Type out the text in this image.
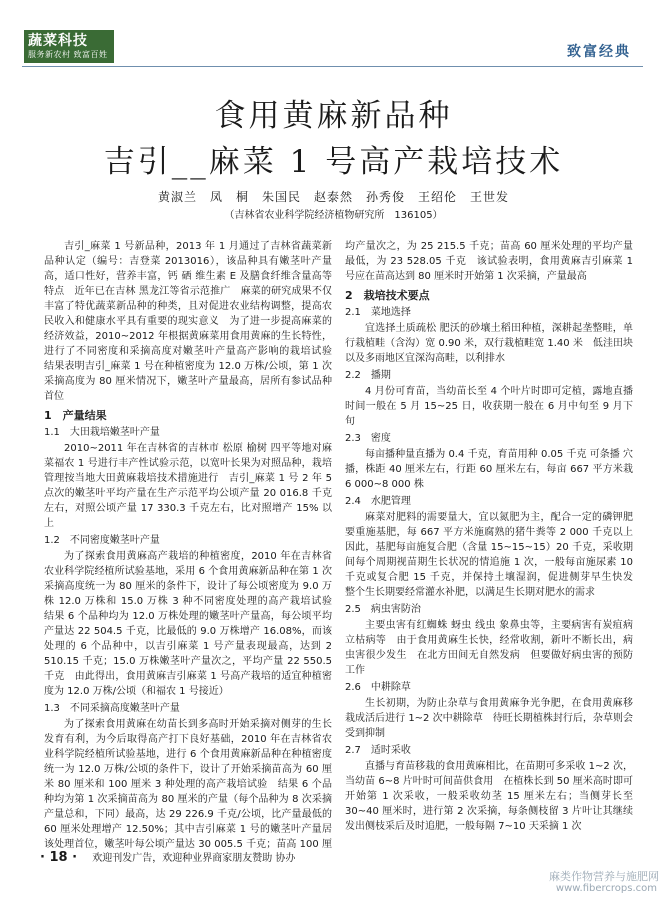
蔬菜科技
服务新农村 致富百姓	致富经典
食用黄麻新品种
吉引__麻菜 1 号高产栽培技术
黄淑兰　凤　桐　朱国民　赵泰然　孙秀俊　王绍伦　王世发
（吉林省农业科学院经济植物研究所　136105）

吉引_麻菜 1 号新品种，2013 年 1 月通过了吉林省蔬菜新品种认定（编号：吉登菜 2013016），该品种具有嫩茎叶产量高，适口性好，营养丰富，钙 硒 维生素 E 及膳食纤维含量高等特点　近年已在吉林 黑龙江等省示范推广　麻菜的研究成果不仅丰富了特优蔬菜新品种的种类，且对促进农业结构调整，提高农民收入和健康水平具有重要的现实意义　为了进一步提高麻菜的经济效益，2010~2012 年根据黄麻菜用食用黄麻的生长特性，进行了不同密度和采摘高度对嫩茎叶产量高产影响的栽培试验　结果表明吉引_麻菜 1 号在种植密度为 12.0 万株/公顷，第 1 次采摘高度为 80 厘米情况下，嫩茎叶产量最高，居所有参试品种首位

1　产量结果
1.1　大田栽培嫩茎叶产量

2010~2011 年在吉林省的吉林市 松原 榆树 四平等地对麻菜福农 1 号进行丰产性试验示范，以宽叶长果为对照品种，栽培管理按当地大田黄麻栽培技术措施进行　吉引_麻菜 1 号 2 年 5 点次的嫩茎叶平均产量在生产示范平均公顷产量 20 016.8 千克左右，对照公顷产量 17 330.3 千克左右，比对照增产 15% 以上

1.2　不同密度嫩茎叶产量

为了探索食用黄麻高产栽培的种植密度，2010 年在吉林省农业科学院经植所试验基地，采用 6 个食用黄麻新品种在第 1 次采摘高度统一为 80 厘米的条件下，设计了每公顷密度为 9.0 万株 12.0 万株和 15.0 万株 3 种不同密度处理的高产栽培试验　结果 6 个品种均为 12.0 万株处理的嫩茎叶产量高，每公顷平均产量达 22 504.5 千克，比最低的 9.0 万株增产 16.08%，而该处理的 6 个品种中，以吉引麻菜 1 号产量表现最高，达到 2 510.15 千克；15.0 万株嫩茎叶产量次之，平均产量 22 550.5 千克　由此得出，食用黄麻吉引麻菜 1 号高产栽培的适宜种植密度为 12.0 万株/公顷（和福农 1 号接近）

1.3　不同采摘高度嫩茎叶产量

为了探索食用黄麻在幼苗长到多高时开始采摘对侧芽的生长发育有利，为今后取得高产打下良好基础，2010 年在吉林省农业科学院经植所试验基地，进行 6 个食用黄麻新品种在种植密度统一为 12.0 万株/公顷的条件下，设计了开始采摘苗高为 60 厘米 80 厘米和 100 厘米 3 种处理的高产栽培试验　结果 6 个品种均为第 1 次采摘苗高为 80 厘米的产量（每个品种为 8 次采摘产量总和，下同）最高，达 29 226.9 千克/公顷，比产量最低的 60 厘米处理增产 12.50%；其中吉引麻菜 1 号的嫩茎叶产量居该处理首位，嫩茎叶每公顷产量达 30 005.5 千克；苗高 100 厘

均产量次之，为 25 215.5 千克；苗高 60 厘米处理的平均产量最低，为 23 528.05 千克　该试验表明，食用黄麻吉引麻菜 1 号应在苗高达到 80 厘米时开始第 1 次采摘，产量最高

2　栽培技术要点
2.1　菜地选择

宜选择土质疏松 肥沃的砂壤土稻田种植，深耕起垄整畦，单行栽植畦（含沟）宽 0.90 米，双行栽植畦宽 1.40 米　低洼田块以及多雨地区宜深沟高畦，以利排水

2.2　播期

4 月份可育苗，当幼苗长至 4 个叶片时即可定植，露地直播时间一般在 5 月 15~25 日，收获期一般在 6 月中旬至 9 月下旬

2.3　密度

每亩播种量直播为 0.4 千克，育苗用种 0.05 千克 可条播 穴播，株距 40 厘米左右，行距 60 厘米左右，每亩 667 平方米栽 6 000~8 000 株

2.4　水肥管理

麻菜对肥料的需要量大，宜以氮肥为主，配合一定的磷钾肥　要重施基肥，每 667 平方米施腐熟的猪牛粪等 2 000 千克以上　因此，基肥每亩施复合肥（含量 15~15~15）20 千克，采收期间每个周期视苗期生长状况的情追施 1 次，一般每亩施尿素 10 千克或复合肥 15 千克，并保持土壤湿润，促进侧芽早生快发　整个生长期要经常灌水补肥，以满足生长期对肥水的需求

2.5　病虫害防治

主要虫害有红蜘蛛 蚜虫 线虫 象鼻虫等，主要病害有炭疽病 立枯病等　由于食用黄麻生长快，经常收割，新叶不断长出，病虫害很少发生　在北方田间无自然发病　但要做好病虫害的预防工作

2.6　中耕除草

生长初期，为防止杂草与食用黄麻争光争肥，在食用黄麻移栽成活后进行 1~2 次中耕除草　待旺长期植株封行后，杂草则会受到抑制

2.7　适时采收

直播与育苗移栽的食用黄麻相比，在苗期可多采收 1~2 次，当幼苗 6~8 片叶时可间苗供食用　在植株长到 50 厘米高时即可开始第 1 次采收，一般采收幼茎 15 厘米左右；当侧芽长至 30~40 厘米时，进行第 2 次采摘，每条侧枝留 3 片叶让其继续发出侧枝采后及时追肥，一般每隔 7~10 天采摘 1 次

· 18 · 欢迎刊发广告，欢迎种业界商家朋友赞助 协办
麻类作物营养与施肥网
www.fibercrops.com
